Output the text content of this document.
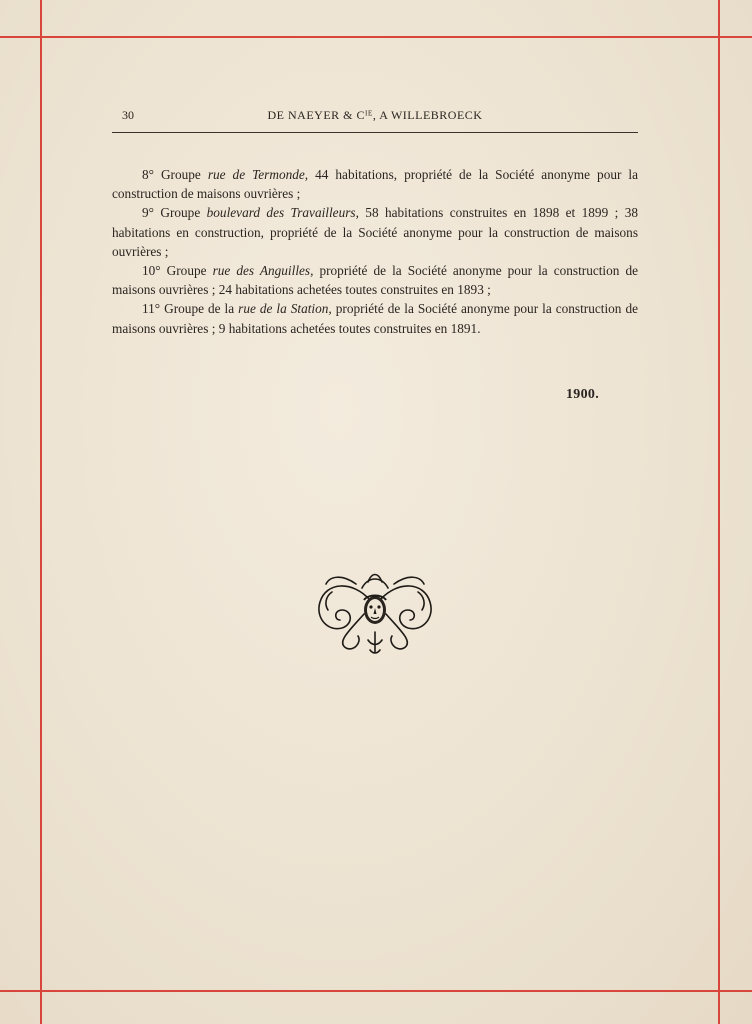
30	DE NAEYER & Cᴵᴱ, A WILLEBROECK

8° Groupe rue de Termonde, 44 habitations, propriété de la Société anonyme pour la construction de maisons ouvrières ;

9° Groupe boulevard des Travailleurs, 58 habitations construites en 1898 et 1899 ; 38 habitations en construction, propriété de la Société anonyme pour la construction de maisons ouvrières ;

10° Groupe rue des Anguilles, propriété de la Société anonyme pour la construction de maisons ouvrières ; 24 habitations achetées toutes construites en 1893 ;

11° Groupe de la rue de la Station, propriété de la Société anonyme pour la construction de maisons ouvrières ; 9 habitations achetées toutes construites en 1891.

1900.
